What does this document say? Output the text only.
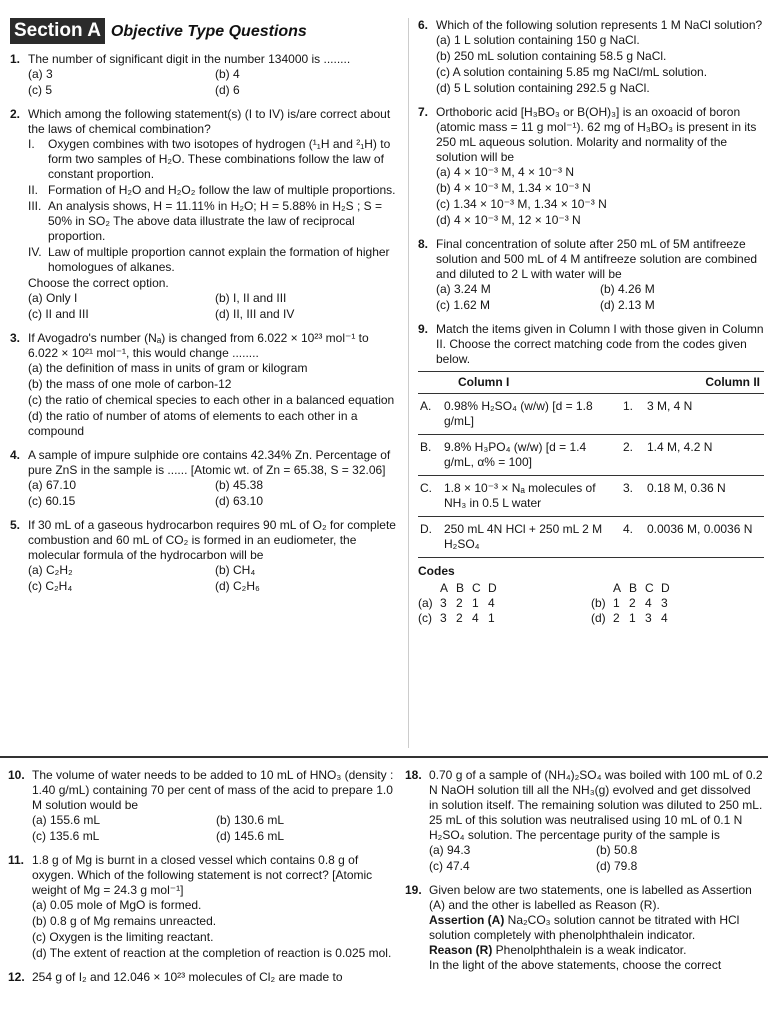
Section A Objective Type Questions
1. The number of significant digit in the number 134000 is ........
(a) 3	(b) 4
(c) 5	(d) 6
2. Which among the following statement(s) (I to IV) is/are correct about the laws of chemical combination?
I.	Oxygen combines with two isotopes of hydrogen (¹₁H and ²₁H) to form two samples of H₂O. These combinations follow the law of constant proportion.
II. Formation of H₂O and H₂O₂ follow the law of multiple proportions.
III. An analysis shows, H = 11.11% in H₂O; H = 5.88% in H₂S ; S = 50% in SO₂ The above data illustrate the law of reciprocal proportion.
IV. Law of multiple proportion cannot explain the formation of higher homologues of alkanes.
Choose the correct option.
(a) Only I	(b) I, II and III
(c) II and III	(d) II, III and IV
3. If Avogadro's number (Nₐ) is changed from 6.022 × 10²³ mol⁻¹ to 6.022 × 10²¹ mol⁻¹, this would change ........
(a) the definition of mass in units of gram or kilogram
(b) the mass of one mole of carbon-12
(c) the ratio of chemical species to each other in a balanced equation
(d) the ratio of number of atoms of elements to each other in a compound
4. A sample of impure sulphide ore contains 42.34% Zn. Percentage of pure ZnS in the sample is ...... [Atomic wt. of Zn = 65.38, S = 32.06]
(a) 67.10	(b) 45.38
(c) 60.15	(d) 63.10
5. If 30 mL of a gaseous hydrocarbon requires 90 mL of O₂ for complete combustion and 60 mL of CO₂ is formed in an eudiometer, the molecular formula of the hydrocarbon will be
(a) C₂H₂	(b) CH₄
(c) C₂H₄	(d) C₂H₆
6. Which of the following solution represents 1 M NaCl solution?
(a) 1 L solution containing 150 g NaCl.
(b) 250 mL solution containing 58.5 g NaCl.
(c) A solution containing 5.85 mg NaCl/mL solution.
(d) 5 L solution containing 292.5 g NaCl.
7. Orthoboric acid [H₃BO₃ or B(OH)₃] is an oxoacid of boron (atomic mass = 11 g mol⁻¹). 62 mg of H₃BO₃ is present in its 250 mL aqueous solution. Molarity and normality of the solution will be
(a) 4 × 10⁻³ M, 4 × 10⁻³ N
(b) 4 × 10⁻³ M, 1.34 × 10⁻³ N
(c) 1.34 × 10⁻³ M, 1.34 × 10⁻³ N
(d) 4 × 10⁻³ M, 12 × 10⁻³ N
8. Final concentration of solute after 250 mL of 5M antifreeze solution and 500 mL of 4 M antifreeze solution are combined and diluted to 2 L with water will be
(a) 3.24 M	(b) 4.26 M
(c) 1.62 M	(d) 2.13 M
9. Match the items given in Column I with those given in Column II. Choose the correct matching code from the codes given below.
Column I		Column II	
A.	0.98% H₂SO₄ (w/w) [d = 1.8 g/mL]	1.	3 M, 4 N
B.	9.8% H₃PO₄ (w/w) [d = 1.4 g/mL, α% = 100]	2.	1.4 M, 4.2 N
C.	1.8 × 10⁻³ × Nₐ molecules of NH₃ in 0.5 L water	3.	0.18 M, 0.36 N
D.	250 mL 4N HCl + 250 mL 2 M H₂SO₄	4.	0.0036 M, 0.0036 N
Codes
A B C D
(a) 3 2 1 4
(c) 3 2 4 1
A B C D
(b) 1 2 4 3
(d) 2 1 3 4
10. The volume of water needs to be added to 10 mL of HNO₃ (density : 1.40 g/mL) containing 70 per cent of mass of the acid to prepare 1.0 M solution would be
(a) 155.6 mL	(b) 130.6 mL
(c) 135.6 mL	(d) 145.6 mL
11. 1.8 g of Mg is burnt in a closed vessel which contains 0.8 g of oxygen. Which of the following statement is not correct? [Atomic weight of Mg = 24.3 g mol⁻¹]
(a) 0.05 mole of MgO is formed.
(b) 0.8 g of Mg remains unreacted.
(c) Oxygen is the limiting reactant.
(d) The extent of reaction at the completion of reaction is 0.025 mol.
12. 254 g of I₂ and 12.046 × 10²³ molecules of Cl₂ are made to
18. 0.70 g of a sample of (NH₄)₂SO₄ was boiled with 100 mL of 0.2 N NaOH solution till all the NH₃(g) evolved and get dissolved in solution itself. The remaining solution was diluted to 250 mL. 25 mL of this solution was neutralised using 10 mL of 0.1 N H₂SO₄ solution. The percentage purity of the sample is
(a) 94.3	(b) 50.8
(c) 47.4	(d) 79.8
19. Given below are two statements, one is labelled as Assertion (A) and the other is labelled as Reason (R).
Assertion (A) Na₂CO₃ solution cannot be titrated with HCl solution completely with phenolphthalein indicator.
Reason (R) Phenolphthalein is a weak indicator.
In the light of the above statements, choose the correct
